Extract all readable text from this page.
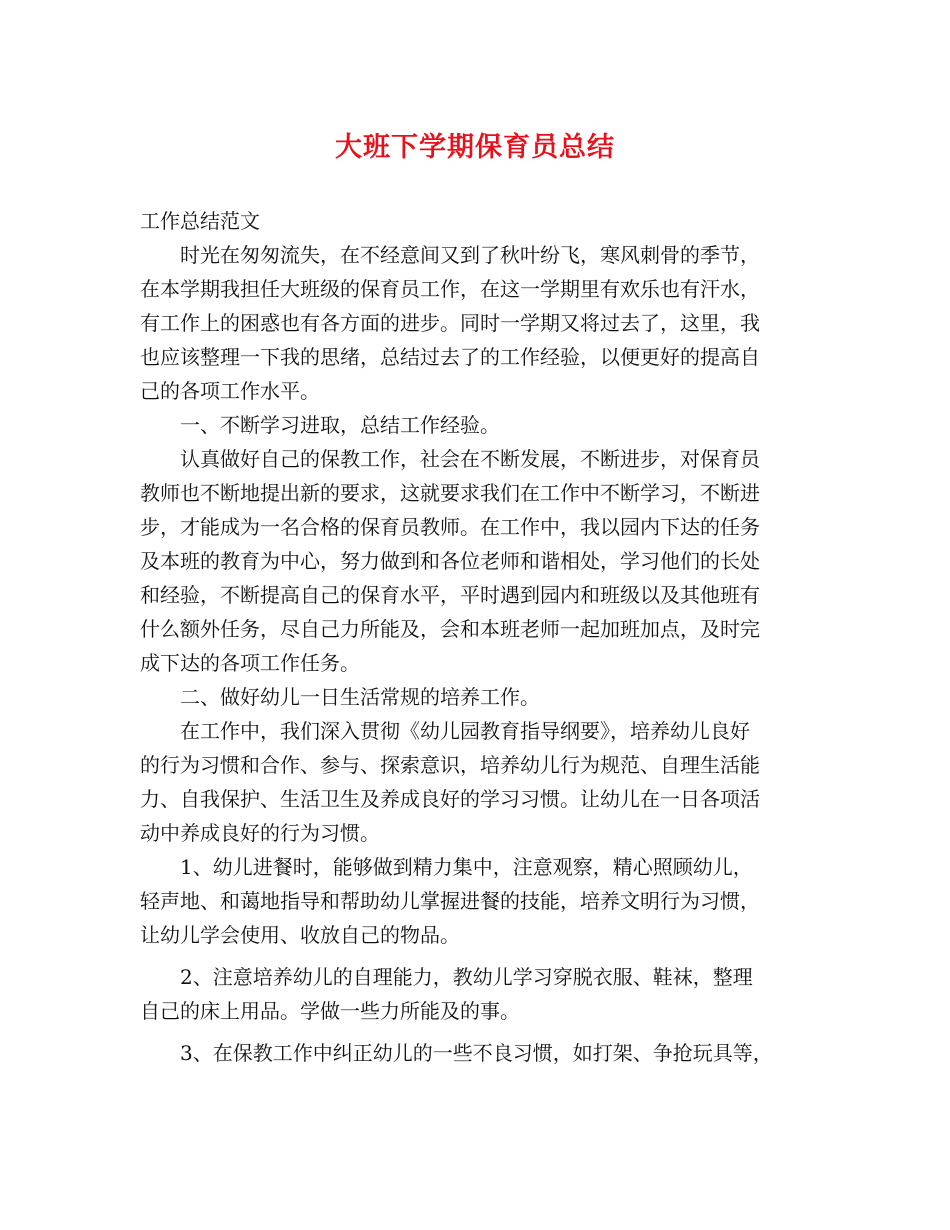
大班下学期保育员总结
工作总结范文
　　时光在匆匆流失，在不经意间又到了秋叶纷飞，寒风刺骨的季节，
在本学期我担任大班级的保育员工作，在这一学期里有欢乐也有汗水，
有工作上的困惑也有各方面的进步。同时一学期又将过去了，这里，我
也应该整理一下我的思绪，总结过去了的工作经验，以便更好的提高自
己的各项工作水平。
　　一、不断学习进取，总结工作经验。
　　认真做好自己的保教工作，社会在不断发展，不断进步，对保育员
教师也不断地提出新的要求，这就要求我们在工作中不断学习，不断进
步，才能成为一名合格的保育员教师。在工作中，我以园内下达的任务
及本班的教育为中心，努力做到和各位老师和谐相处，学习他们的长处
和经验，不断提高自己的保育水平，平时遇到园内和班级以及其他班有
什么额外任务，尽自己力所能及，会和本班老师一起加班加点，及时完
成下达的各项工作任务。
　　二、做好幼儿一日生活常规的培养工作。
　　在工作中，我们深入贯彻《幼儿园教育指导纲要》，培养幼儿良好
的行为习惯和合作、参与、探索意识，培养幼儿行为规范、自理生活能
力、自我保护、生活卫生及养成良好的学习习惯。让幼儿在一日各项活
动中养成良好的行为习惯。
　　1、幼儿进餐时，能够做到精力集中，注意观察，精心照顾幼儿，
轻声地、和蔼地指导和帮助幼儿掌握进餐的技能，培养文明行为习惯，
让幼儿学会使用、收放自己的物品。
　　2、注意培养幼儿的自理能力，教幼儿学习穿脱衣服、鞋袜，整理
自己的床上用品。学做一些力所能及的事。
　　3、在保教工作中纠正幼儿的一些不良习惯，如打架、争抢玩具等，
